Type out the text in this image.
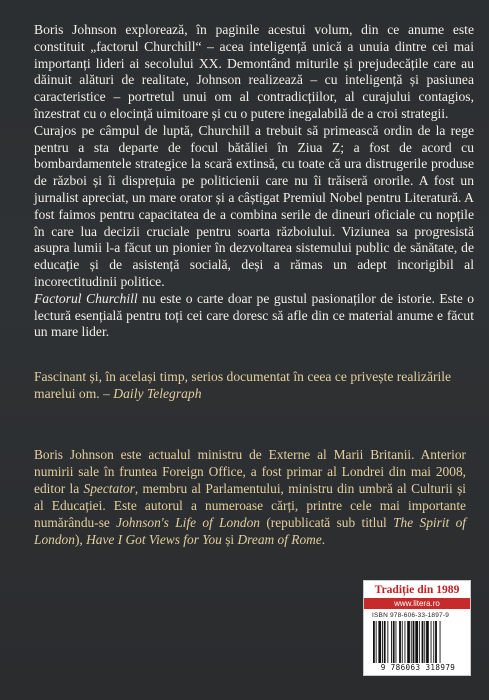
Boris Johnson explorează, în paginile acestui volum, din ce anume este constituit „factorul Churchill“ – acea inteligență unică a unuia dintre cei mai importanți lideri ai secolului XX. Demontând miturile și prejudecățile care au dăinuit alături de realitate, Johnson realizează – cu inteligență și pasiunea caracteristice – portretul unui om al contradicțiilor, al curajului contagios, înzestrat cu o elocință uimitoare și cu o putere inegalabilă de a croi strategii.

Curajos pe câmpul de luptă, Churchill a trebuit să primească ordin de la rege pentru a sta departe de focul bătăliei în Ziua Z; a fost de acord cu bombardamentele strategice la scară extinsă, cu toate că ura distrugerile produse de război și îi disprețuia pe politicienii care nu îi trăiseră ororile. A fost un jurnalist apreciat, un mare orator și a câștigat Premiul Nobel pentru Literatură. A fost faimos pentru capacitatea de a combina serile de dineuri oficiale cu nopțile în care lua decizii cruciale pentru soarta războiului. Viziunea sa progresistă asupra lumii l-a făcut un pionier în dezvoltarea sistemului public de sănătate, de educație și de asistență socială, deși a rămas un adept incorigibil al incorectitudinii politice.

Factorul Churchill nu este o carte doar pe gustul pasionaților de istorie. Este o lectură esențială pentru toți cei care doresc să afle din ce material anume e făcut un mare lider.

Fascinant și, în același timp, serios documentat în ceea ce privește realizările marelui om. – Daily Telegraph

Boris Johnson este actualul ministru de Externe al Marii Britanii. Anterior numirii sale în fruntea Foreign Office, a fost primar al Londrei din mai 2008, editor la Spectator, membru al Parlamentului, ministru din umbră al Culturii și al Educației. Este autorul a numeroase cărți, printre cele mai importante numărându-se Johnson's Life of London (republicată sub titlul The Spirit of London), Have I Got Views for You și Dream of Rome.

Tradiție din 1989
www.litera.ro
ISBN 978-606-33-1897-9
9 786063 318979
